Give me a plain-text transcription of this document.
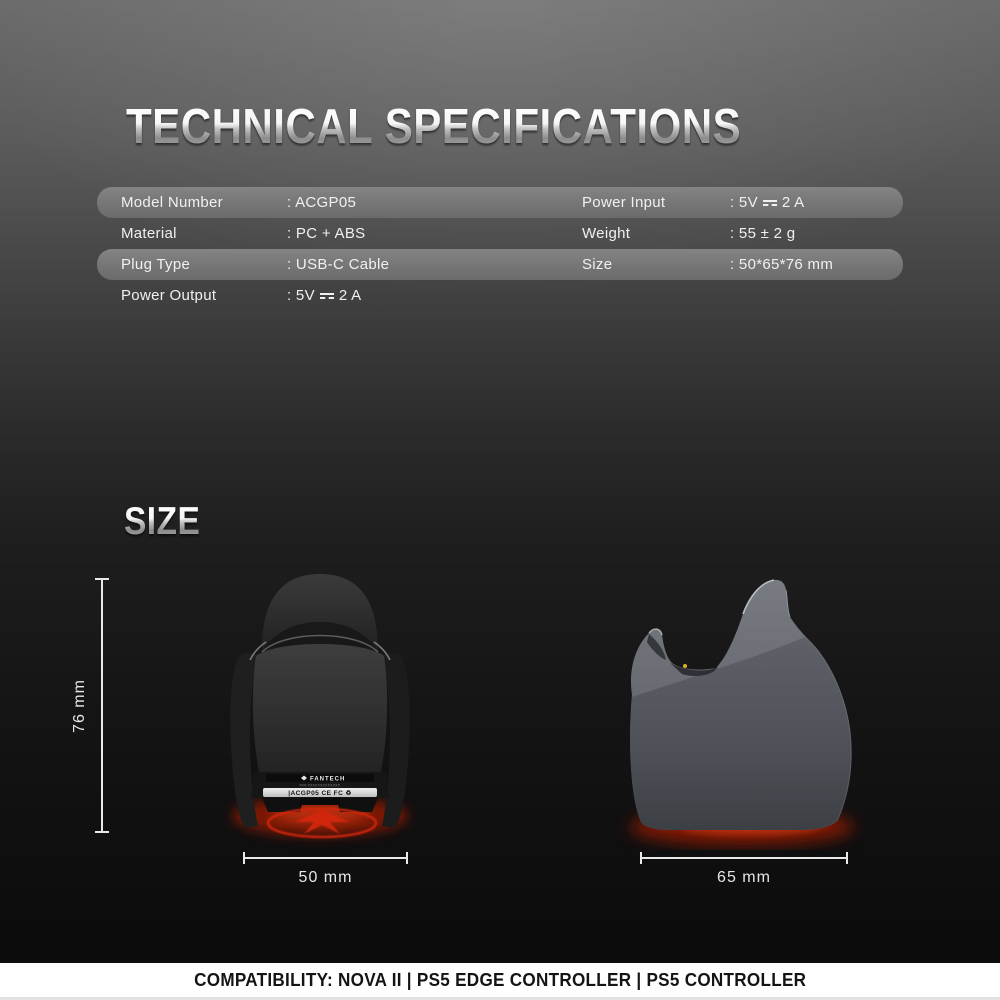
TECHNICAL SPECIFICATIONS
Model Number	: ACGP05	Power Input	: 5V 2 A
Material	: PC + ABS	Weight	: 55 ± 2 g
Plug Type	: USB-C Cable	Size	: 50*65*76 mm
Power Output	: 5V 2 A
SIZE
76 mm
50 mm	65 mm
FANTECH
P/N:XXXXXXXXXXXXX
|ACGP05 CE FC ♻
COMPATIBILITY: NOVA II | PS5 EDGE CONTROLLER | PS5 CONTROLLER
